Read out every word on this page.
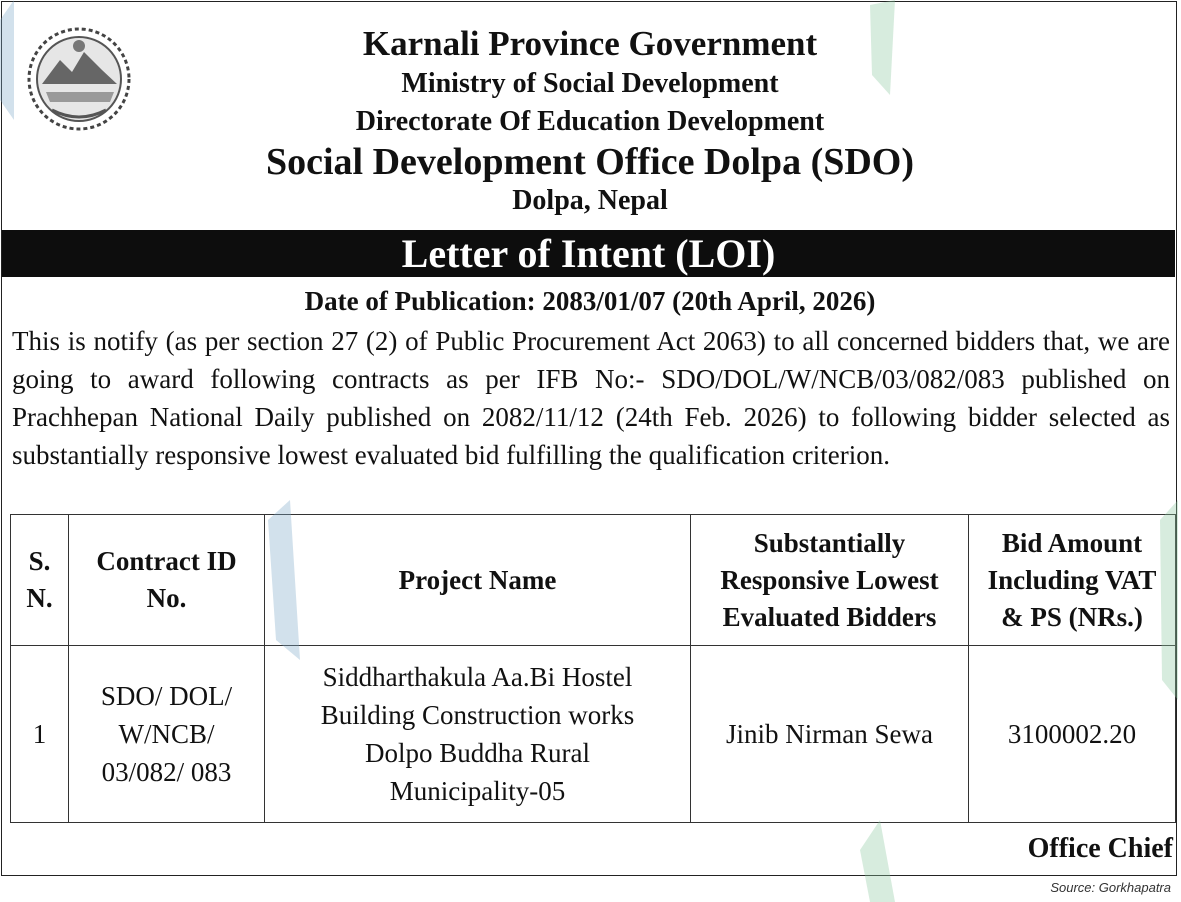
Karnali Province Government
Ministry of Social Development
Directorate Of Education Development
Social Development Office Dolpa (SDO)
Dolpa, Nepal
Letter of Intent (LOI)
Date of Publication: 2083/01/07 (20th April, 2026)
This is notify (as per section 27 (2) of Public Procurement Act 2063) to all concerned bidders that, we are going to award following contracts as per IFB No:- SDO/DOL/W/NCB/03/082/083 published on Prachhepan National Daily published on 2082/11/12 (24th Feb. 2026) to following bidder selected as substantially responsive lowest evaluated bid fulfilling the qualification criterion.
S. N.	Contract ID No.	Project Name	Substantially Responsive Lowest Evaluated Bidders	Bid Amount Including VAT & PS (NRs.)
1	SDO/ DOL/ W/NCB/ 03/082/ 083	Siddharthakula Aa.Bi Hostel Building Construction works Dolpo Buddha Rural Municipality-05	Jinib Nirman Sewa	3100002.20
Office Chief
Source: Gorkhapatra
